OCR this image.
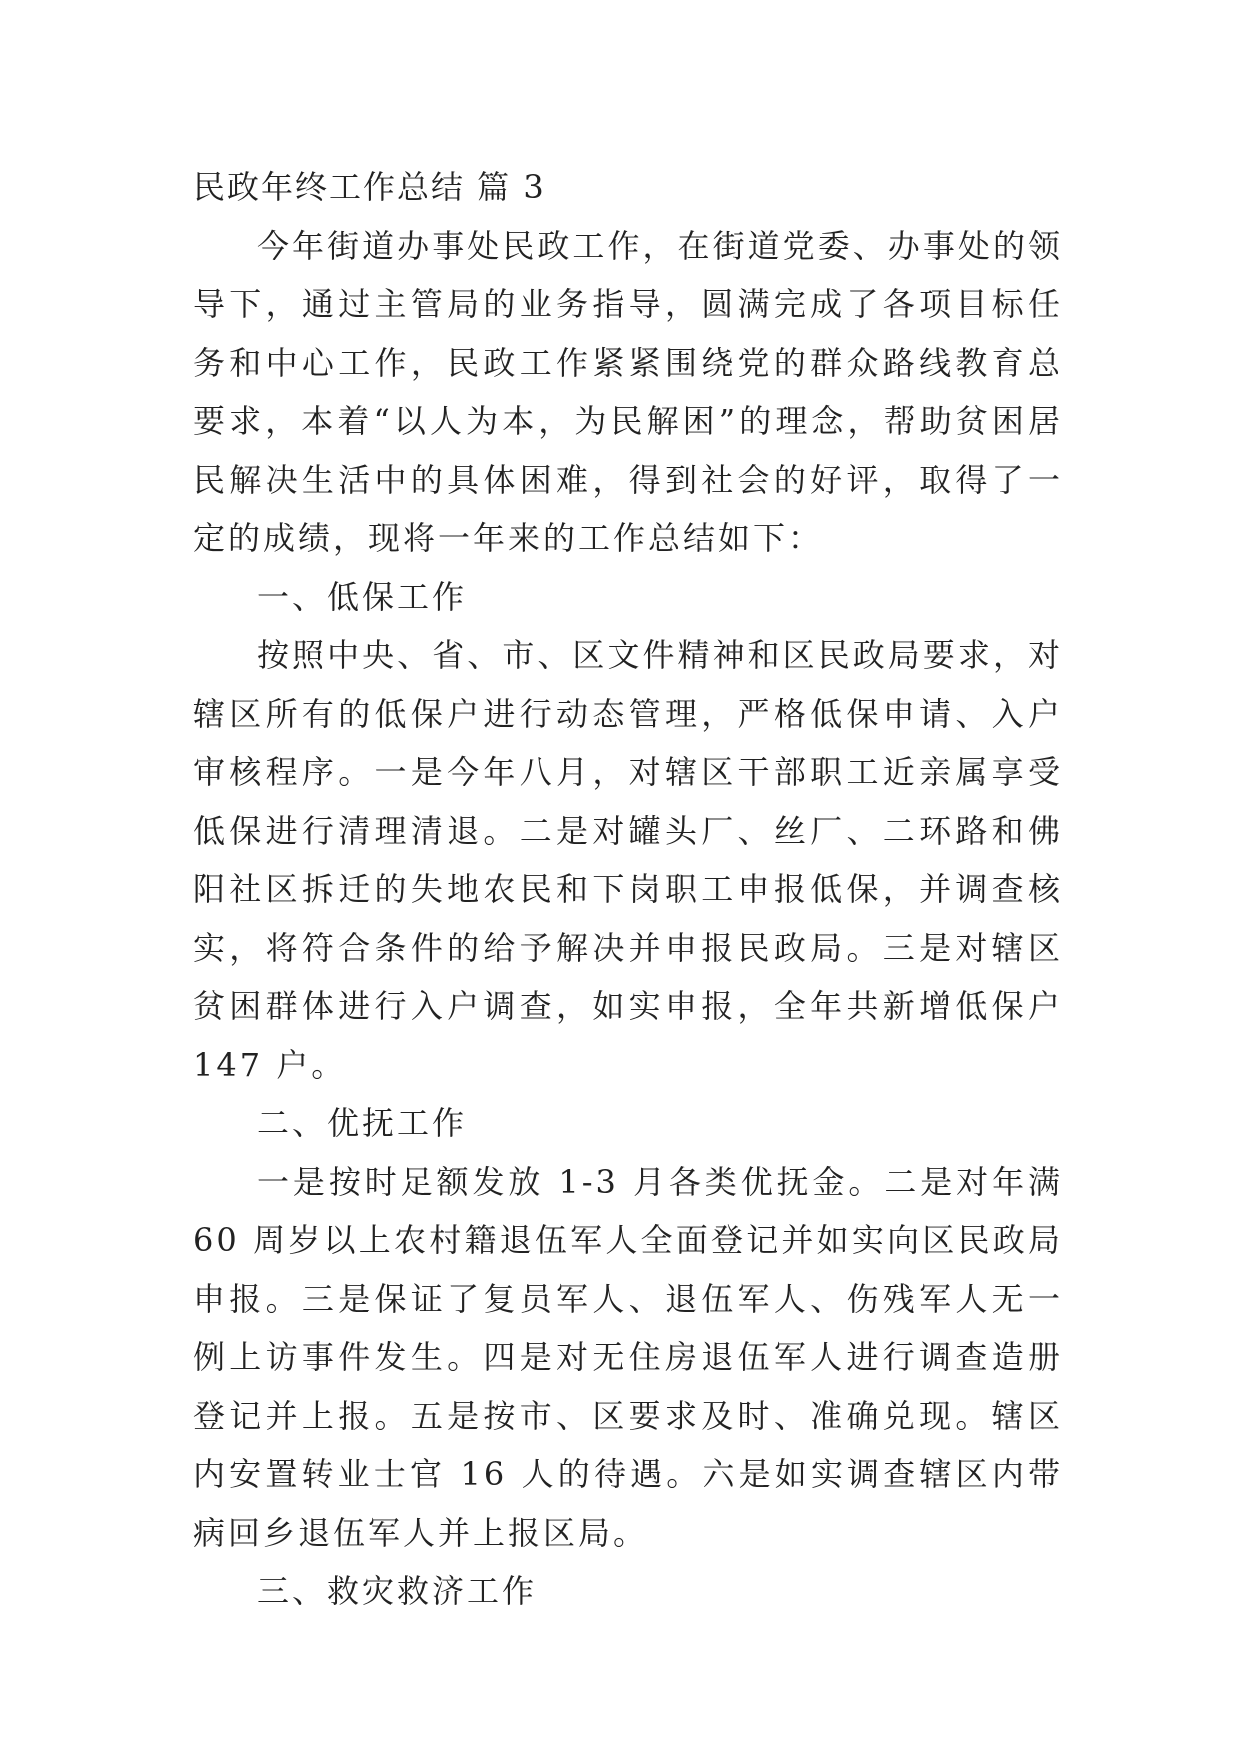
民政年终工作总结 篇 3

今年街道办事处民政工作，在街道党委、办事处的领导下，通过主管局的业务指导，圆满完成了各项目标任务和中心工作，民政工作紧紧围绕党的群众路线教育总要求，本着“以人为本，为民解困”的理念，帮助贫困居民解决生活中的具体困难，得到社会的好评，取得了一定的成绩，现将一年来的工作总结如下：

一、低保工作

按照中央、省、市、区文件精神和区民政局要求，对辖区所有的低保户进行动态管理，严格低保申请、入户审核程序。一是今年八月，对辖区干部职工近亲属享受低保进行清理清退。二是对罐头厂、丝厂、二环路和佛阳社区拆迁的失地农民和下岗职工申报低保，并调查核实，将符合条件的给予解决并申报民政局。三是对辖区贫困群体进行入户调查，如实申报，全年共新增低保户 147 户。

二、优抚工作

一是按时足额发放 1-3 月各类优抚金。二是对年满 60 周岁以上农村籍退伍军人全面登记并如实向区民政局申报。三是保证了复员军人、退伍军人、伤残军人无一例上访事件发生。四是对无住房退伍军人进行调查造册登记并上报。五是按市、区要求及时、准确兑现。辖区内安置转业士官 16 人的待遇。六是如实调查辖区内带病回乡退伍军人并上报区局。

三、救灾救济工作
